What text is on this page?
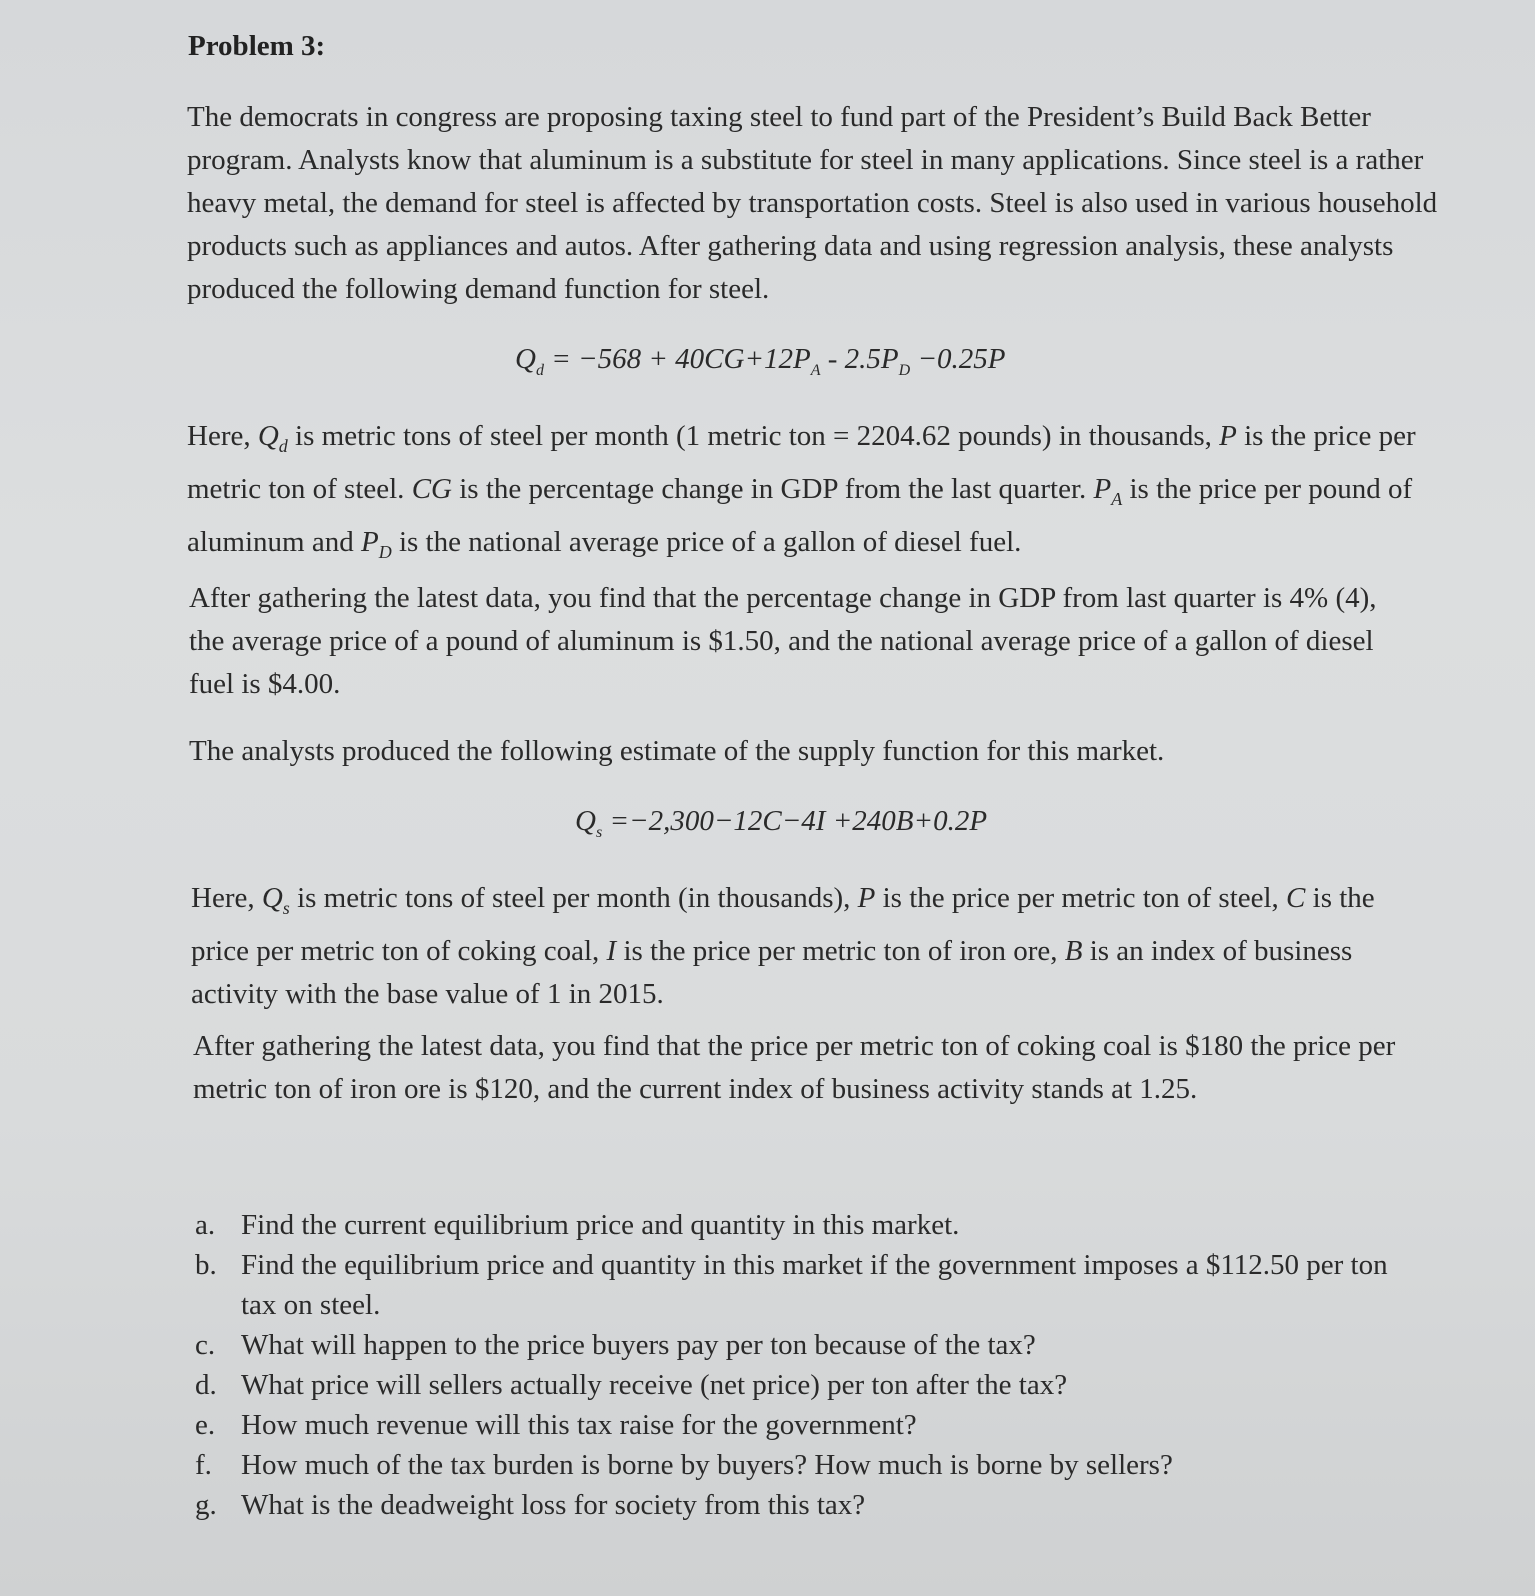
Problem 3:
The democrats in congress are proposing taxing steel to fund part of the President’s Build Back Better program. Analysts know that aluminum is a substitute for steel in many applications. Since steel is a rather heavy metal, the demand for steel is affected by transportation costs. Steel is also used in various household products such as appliances and autos. After gathering data and using regression analysis, these analysts produced the following demand function for steel.
$Q_d = -568 + 40CG+12P_A - 2.5P_D -0.25P$
Here, $Q_d$ is metric tons of steel per month (1 metric ton = 2204.62 pounds) in thousands, P is the price per metric ton of steel. CG is the percentage change in GDP from the last quarter. $P_A$ is the price per pound of aluminum and $P_D$ is the national average price of a gallon of diesel fuel.
After gathering the latest data, you find that the percentage change in GDP from last quarter is 4% (4), the average price of a pound of aluminum is $1.50, and the national average price of a gallon of diesel fuel is $4.00.
The analysts produced the following estimate of the supply function for this market.
$Q_s =-2,300-12C-4I +240B+0.2P$
Here, $Q_s$ is metric tons of steel per month (in thousands), P is the price per metric ton of steel, C is the price per metric ton of coking coal, I is the price per metric ton of iron ore, B is an index of business activity with the base value of 1 in 2015.
After gathering the latest data, you find that the price per metric ton of coking coal is $180 the price per metric ton of iron ore is $120, and the current index of business activity stands at 1.25.
a. Find the current equilibrium price and quantity in this market.
b. Find the equilibrium price and quantity in this market if the government imposes a $112.50 per ton tax on steel.
c. What will happen to the price buyers pay per ton because of the tax?
d. What price will sellers actually receive (net price) per ton after the tax?
e. How much revenue will this tax raise for the government?
f.	How much of the tax burden is borne by buyers? How much is borne by sellers?
g. What is the deadweight loss for society from this tax?
